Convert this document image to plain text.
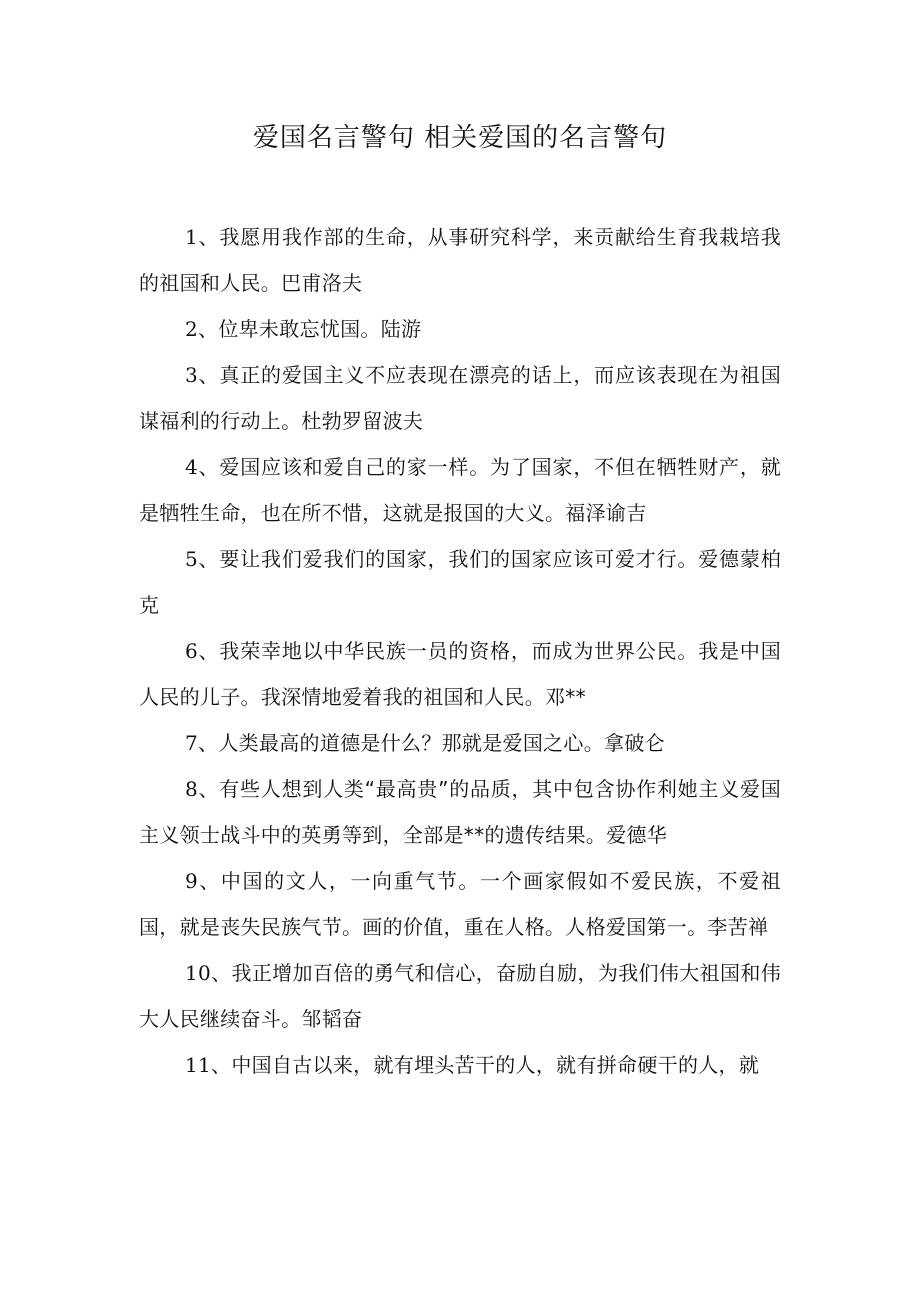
爱国名言警句 相关爱国的名言警句

1、我愿用我作部的生命，从事研究科学，来贡献给生育我栽培我的祖国和人民。巴甫洛夫

2、位卑未敢忘忧国。陆游

3、真正的爱国主义不应表现在漂亮的话上，而应该表现在为祖国谋福利的行动上。杜勃罗留波夫

4、爱国应该和爱自己的家一样。为了国家，不但在牺牲财产，就是牺牲生命，也在所不惜，这就是报国的大义。福泽谕吉

5、要让我们爱我们的国家，我们的国家应该可爱才行。爱德蒙柏克

6、我荣幸地以中华民族一员的资格，而成为世界公民。我是中国人民的儿子。我深情地爱着我的祖国和人民。邓**

7、人类最高的道德是什么？那就是爱国之心。拿破仑

8、有些人想到人类“最高贵”的品质，其中包含协作利她主义爱国主义领士战斗中的英勇等到，全部是**的遗传结果。爱德华

9、中国的文人，一向重气节。一个画家假如不爱民族，不爱祖国，就是丧失民族气节。画的价值，重在人格。人格爱国第一。李苦禅

10、我正增加百倍的勇气和信心，奋励自励，为我们伟大祖国和伟大人民继续奋斗。邹韬奋

11、中国自古以来，就有埋头苦干的人，就有拼命硬干的人，就
